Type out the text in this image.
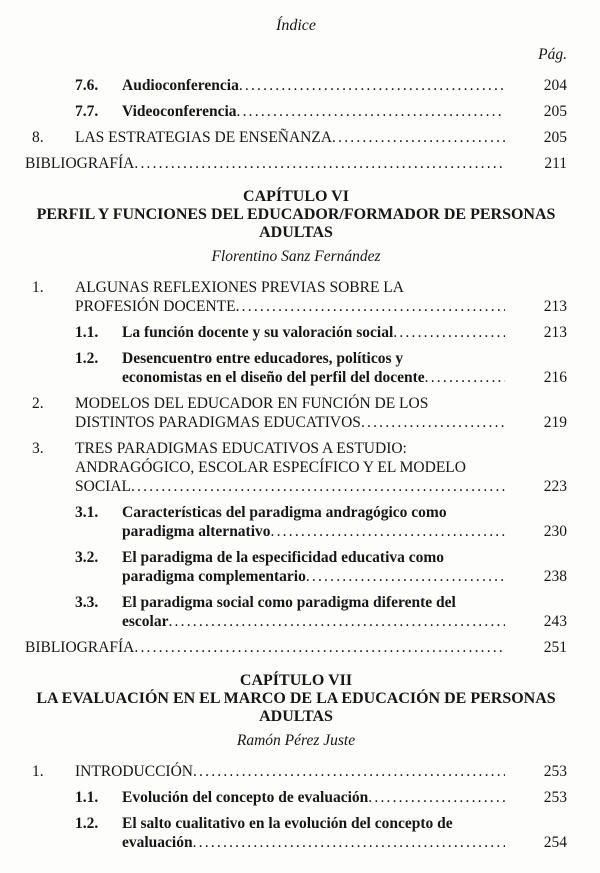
Índice
Pág.
7.6.	Audioconferencia .....	204
7.7.	Videoconferencia .....	205
8.	LAS ESTRATEGIAS DE ENSEÑANZA .....	205
BIBLIOGRAFÍA .....	211
CAPÍTULO VI
PERFIL Y FUNCIONES DEL EDUCADOR/FORMADOR DE PERSONAS ADULTAS
Florentino Sanz Fernández
1.	ALGUNAS REFLEXIONES PREVIAS SOBRE LA
PROFESIÓN DOCENTE .....	213
1.1.	La función docente y su valoración social .....	213
1.2.	Desencuentro entre educadores, políticos y
economistas en el diseño del perfil del docente .....	216
2.	MODELOS DEL EDUCADOR EN FUNCIÓN DE LOS
DISTINTOS PARADIGMAS EDUCATIVOS .....	219
3.	TRES PARADIGMAS EDUCATIVOS A ESTUDIO:
ANDRAGÓGICO, ESCOLAR ESPECÍFICO Y EL MODELO
SOCIAL .....	223
3.1.	Características del paradigma andragógico como
paradigma alternativo .....	230
3.2.	El paradigma de la especificidad educativa como
paradigma complementario .....	238
3.3.	El paradigma social como paradigma diferente del
escolar .....	243
BIBLIOGRAFÍA .....	251
CAPÍTULO VII
LA EVALUACIÓN EN EL MARCO DE LA EDUCACIÓN DE PERSONAS ADULTAS
Ramón Pérez Juste
1.	INTRODUCCIÓN .....	253
1.1.	Evolución del concepto de evaluación .....	253
1.2.	El salto cualitativo en la evolución del concepto de
evaluación .....	254
